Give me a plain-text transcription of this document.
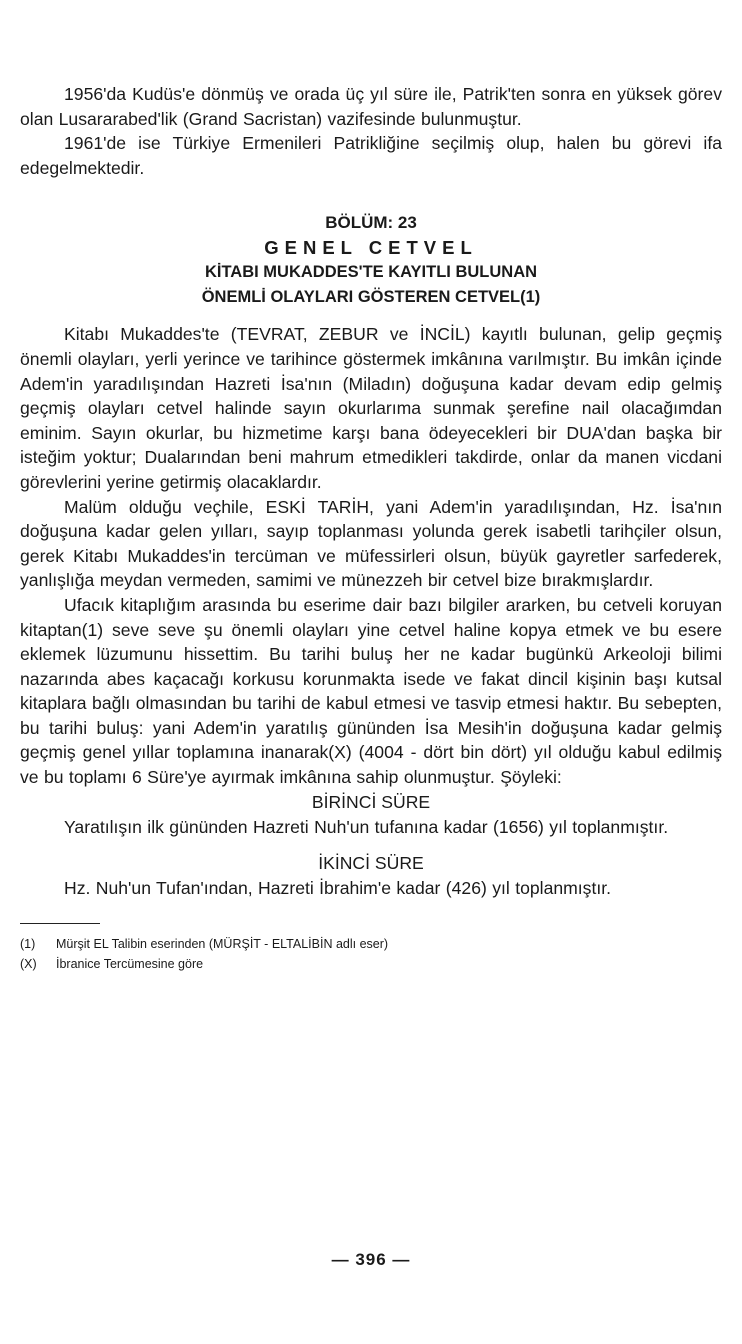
1956'da Kudüs'e dönmüş ve orada üç yıl süre ile, Patrik'ten sonra en yüksek görev olan Lusararabed'lik (Grand Sacristan) vazifesinde bulunmuştur.

1961'de ise Türkiye Ermenileri Patrikliğine seçilmiş olup, halen bu görevi ifa edegelmektedir.

BÖLÜM: 23

GENEL CETVEL

KİTABI MUKADDES'TE KAYITLI BULUNAN

ÖNEMLİ OLAYLARI GÖSTEREN CETVEL(1)

Kitabı Mukaddes'te (TEVRAT, ZEBUR ve İNCİL) kayıtlı bulunan, gelip geçmiş önemli olayları, yerli yerince ve tarihince göstermek imkânına varılmıştır. Bu imkân içinde Adem'in yaradılışından Hazreti İsa'nın (Miladın) doğuşuna kadar devam edip gelmiş geçmiş olayları cetvel halinde sayın okurlarıma sunmak şerefine nail olacağımdan eminim. Sayın okurlar, bu hizmetime karşı bana ödeyecekleri bir DUA'dan başka bir isteğim yoktur; Dualarından beni mahrum etmedikleri takdirde, onlar da manen vicdani görevlerini yerine getirmiş olacaklardır.

Malüm olduğu veçhile, ESKİ TARİH, yani Adem'in yaradılışından, Hz. İsa'nın doğuşuna kadar gelen yılları, sayıp toplanması yolunda gerek isabetli tarihçiler olsun, gerek Kitabı Mukaddes'in tercüman ve müfessirleri olsun, büyük gayretler sarfederek, yanlışlığa meydan vermeden, samimi ve münezzeh bir cetvel bize bırakmışlardır.

Ufacık kitaplığım arasında bu eserime dair bazı bilgiler ararken, bu cetveli koruyan kitaptan(1) seve seve şu önemli olayları yine cetvel haline kopya etmek ve bu esere eklemek lüzumunu hissettim. Bu tarihi buluş her ne kadar bugünkü Arkeoloji bilimi nazarında abes kaçacağı korkusu korunmakta isede ve fakat dincil kişinin başı kutsal kitaplara bağlı olmasından bu tarihi de kabul etmesi ve tasvip etmesi haktır. Bu sebepten, bu tarihi buluş: yani Adem'in yaratılış gününden İsa Mesih'in doğuşuna kadar gelmiş geçmiş genel yıllar toplamına inanarak(X) (4004 - dört bin dört) yıl olduğu kabul edilmiş ve bu toplamı 6 Süre'ye ayırmak imkânına sahip olunmuştur. Şöyleki:

BİRİNCİ SÜRE

Yaratılışın ilk gününden Hazreti Nuh'un tufanına kadar (1656) yıl toplanmıştır.

İKİNCİ SÜRE

Hz. Nuh'un Tufan'ından, Hazreti İbrahim'e kadar (426) yıl toplanmıştır.

(1)	Mürşit EL Talibin eserinden (MÜRŞİT - ELTALİBİN adlı eser)

(X)	İbranice Tercümesine göre

— 396 —
